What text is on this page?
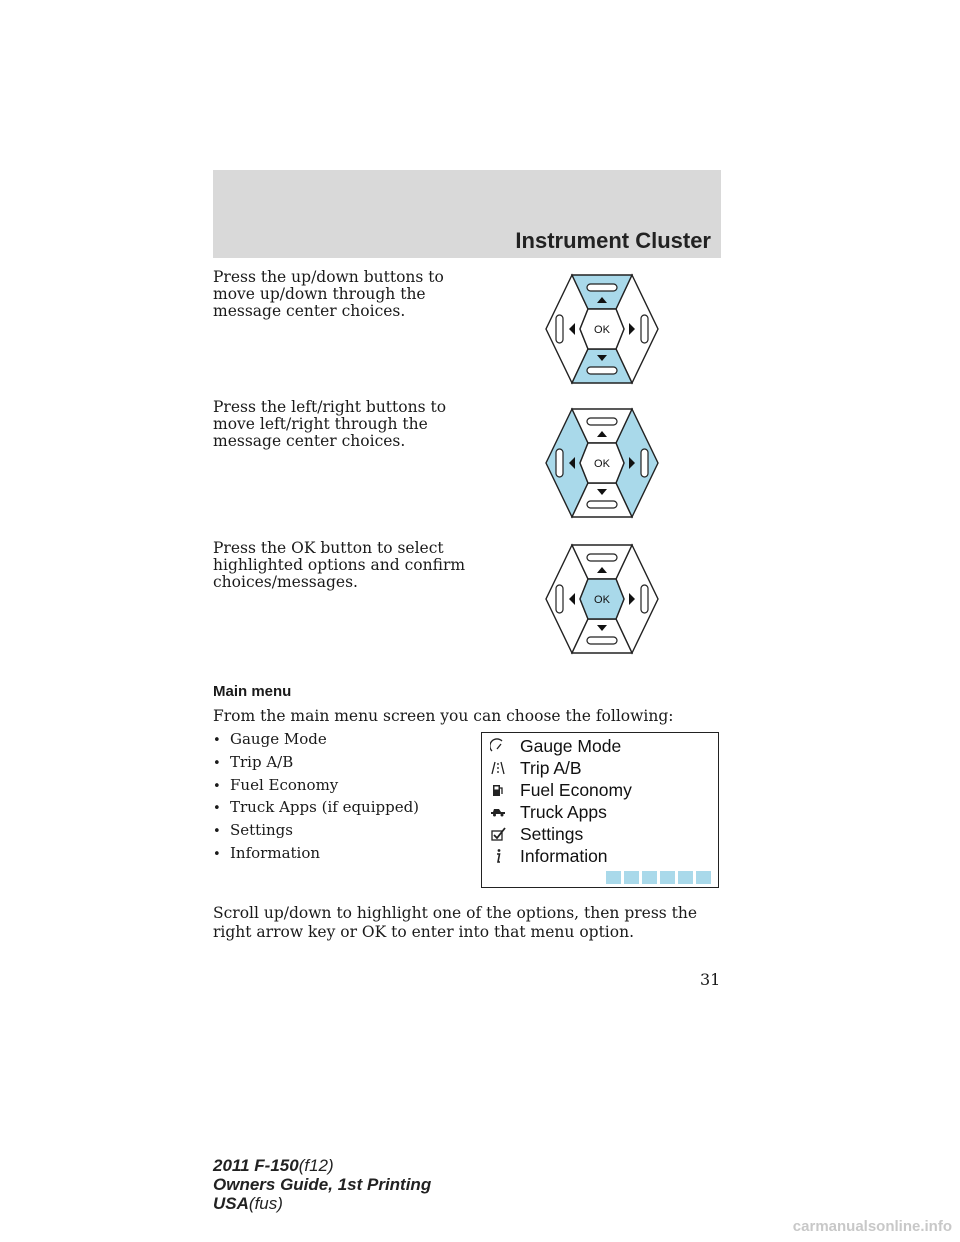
Instrument Cluster

Press the up/down buttons to move up/down through the message center choices.

OK

Press the left/right buttons to move left/right through the message center choices.

OK

Press the OK button to select highlighted options and confirm choices/messages.

OK
Main menu

From the main menu screen you can choose the following:

• Gauge Mode
• Trip A/B
• Fuel Economy
• Truck Apps (if equipped)
• Settings
• Information
Gauge Mode
Trip A/B
Fuel Economy
Truck Apps
Settings
Information

Scroll up/down to highlight one of the options, then press the right arrow key or OK to enter into that menu option.

31
2011 F-150(f12)
Owners Guide, 1st Printing
USA(fus)
carmanualsonline.info
